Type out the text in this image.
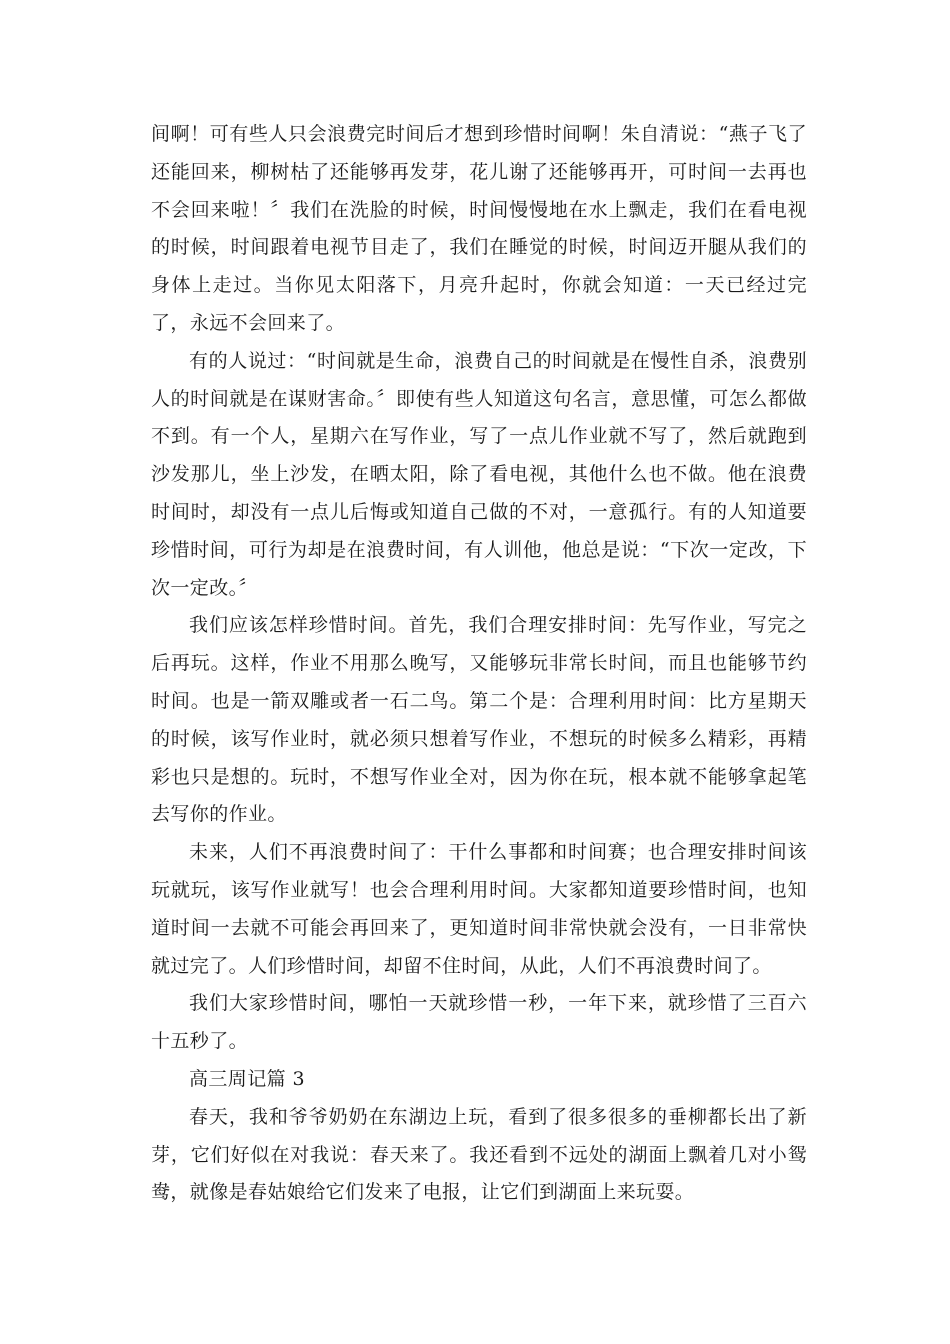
间啊！可有些人只会浪费完时间后才想到珍惜时间啊！朱自清说：“燕子飞了还能回来，柳树枯了还能够再发芽，花儿谢了还能够再开，可时间一去再也不会回来啦！〞我们在洗脸的时候，时间慢慢地在水上飘走，我们在看电视的时候，时间跟着电视节目走了，我们在睡觉的时候，时间迈开腿从我们的身体上走过。当你见太阳落下，月亮升起时，你就会知道：一天已经过完了，永远不会回来了。

有的人说过：“时间就是生命，浪费自己的时间就是在慢性自杀，浪费别人的时间就是在谋财害命。〞即使有些人知道这句名言，意思懂，可怎么都做不到。有一个人，星期六在写作业，写了一点儿作业就不写了，然后就跑到沙发那儿，坐上沙发，在晒太阳，除了看电视，其他什么也不做。他在浪费时间时，却没有一点儿后悔或知道自己做的不对，一意孤行。有的人知道要珍惜时间，可行为却是在浪费时间，有人训他，他总是说：“下次一定改，下次一定改。〞

我们应该怎样珍惜时间。首先，我们合理安排时间：先写作业，写完之后再玩。这样，作业不用那么晚写，又能够玩非常长时间，而且也能够节约时间。也是一箭双雕或者一石二鸟。第二个是：合理利用时间：比方星期天的时候，该写作业时，就必须只想着写作业，不想玩的时候多么精彩，再精彩也只是想的。玩时，不想写作业全对，因为你在玩，根本就不能够拿起笔去写你的作业。

未来，人们不再浪费时间了：干什么事都和时间赛；也合理安排时间该玩就玩，该写作业就写！也会合理利用时间。大家都知道要珍惜时间，也知道时间一去就不可能会再回来了，更知道时间非常快就会没有，一日非常快就过完了。人们珍惜时间，却留不住时间，从此，人们不再浪费时间了。

我们大家珍惜时间，哪怕一天就珍惜一秒，一年下来，就珍惜了三百六十五秒了。

高三周记篇 3

春天，我和爷爷奶奶在东湖边上玩，看到了很多很多的垂柳都长出了新芽，它们好似在对我说：春天来了。我还看到不远处的湖面上飘着几对小鸳鸯，就像是春姑娘给它们发来了电报，让它们到湖面上来玩耍。
